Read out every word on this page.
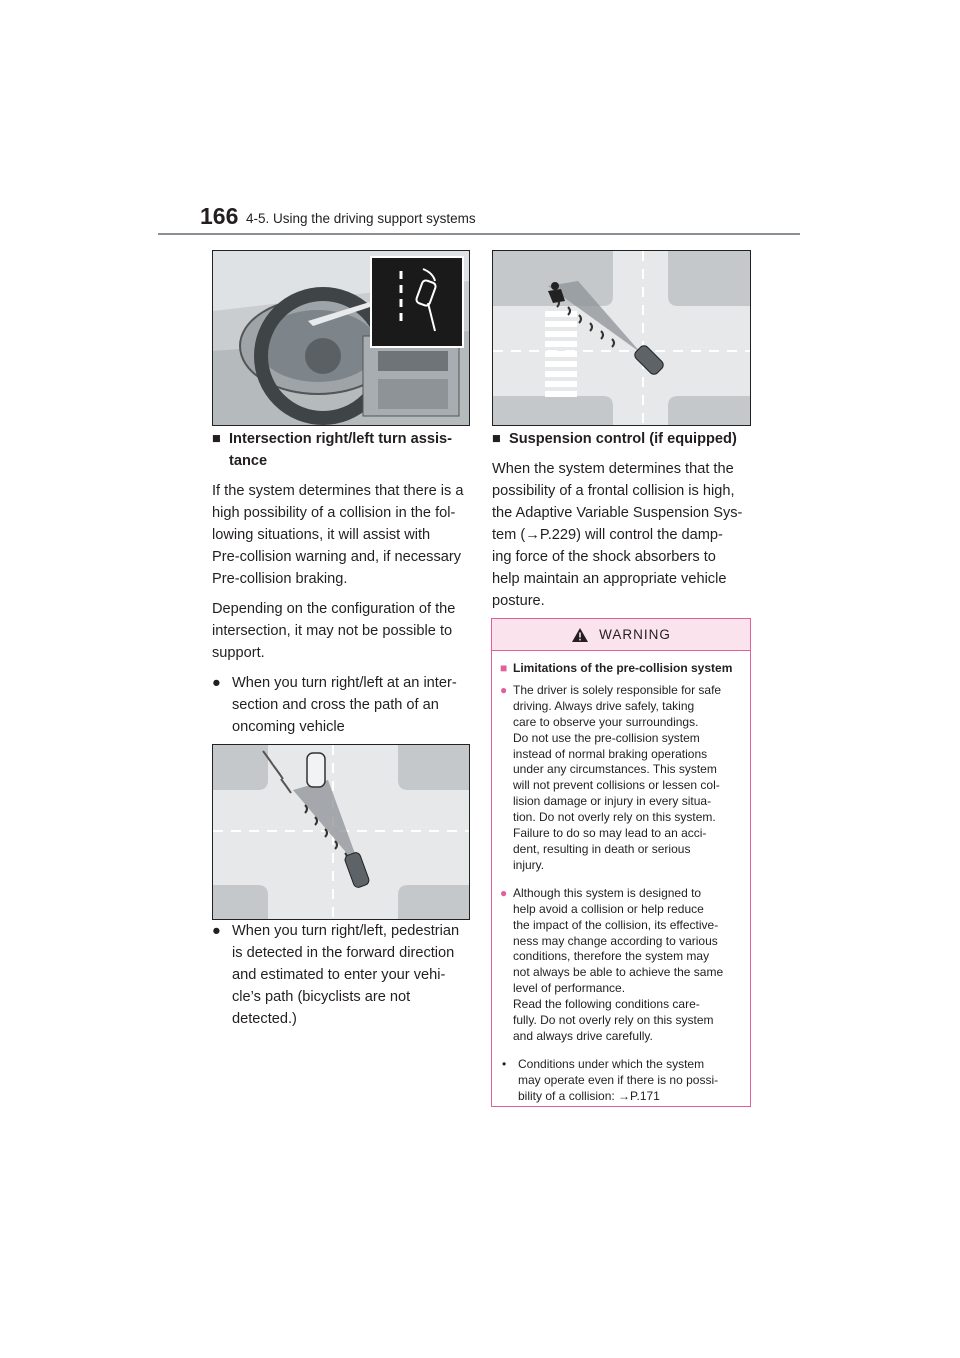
166 4-5. Using the driving support systems
■ Intersection right/left turn assis-
tance

If the system determines that there is a
high possibility of a collision in the fol-
lowing situations, it will assist with
Pre-collision warning and, if necessary
Pre-collision braking.

Depending on the configuration of the
intersection, it may not be possible to
support.

● When you turn right/left at an inter-
section and cross the path of an
oncoming vehicle
● When you turn right/left, pedestrian
is detected in the forward direction
and estimated to enter your vehi-
cle’s path (bicyclists are not
detected.)
■ Suspension control (if equipped)

When the system determines that the
possibility of a frontal collision is high,
the Adaptive Variable Suspension Sys-
tem (→P.229) will control the damp-
ing force of the shock absorbers to
help maintain an appropriate vehicle
posture.

WARNING
■ Limitations of the pre-collision system
● The driver is solely responsible for safe
driving. Always drive safely, taking
care to observe your surroundings.
Do not use the pre-collision system
instead of normal braking operations
under any circumstances. This system
will not prevent collisions or lessen col-
lision damage or injury in every situa-
tion. Do not overly rely on this system.
Failure to do so may lead to an acci-
dent, resulting in death or serious
injury.
● Although this system is designed to
help avoid a collision or help reduce
the impact of the collision, its effective-
ness may change according to various
conditions, therefore the system may
not always be able to achieve the same
level of performance.
Read the following conditions care-
fully. Do not overly rely on this system
and always drive carefully.
• Conditions under which the system
may operate even if there is no possi-
bility of a collision: →P.171
